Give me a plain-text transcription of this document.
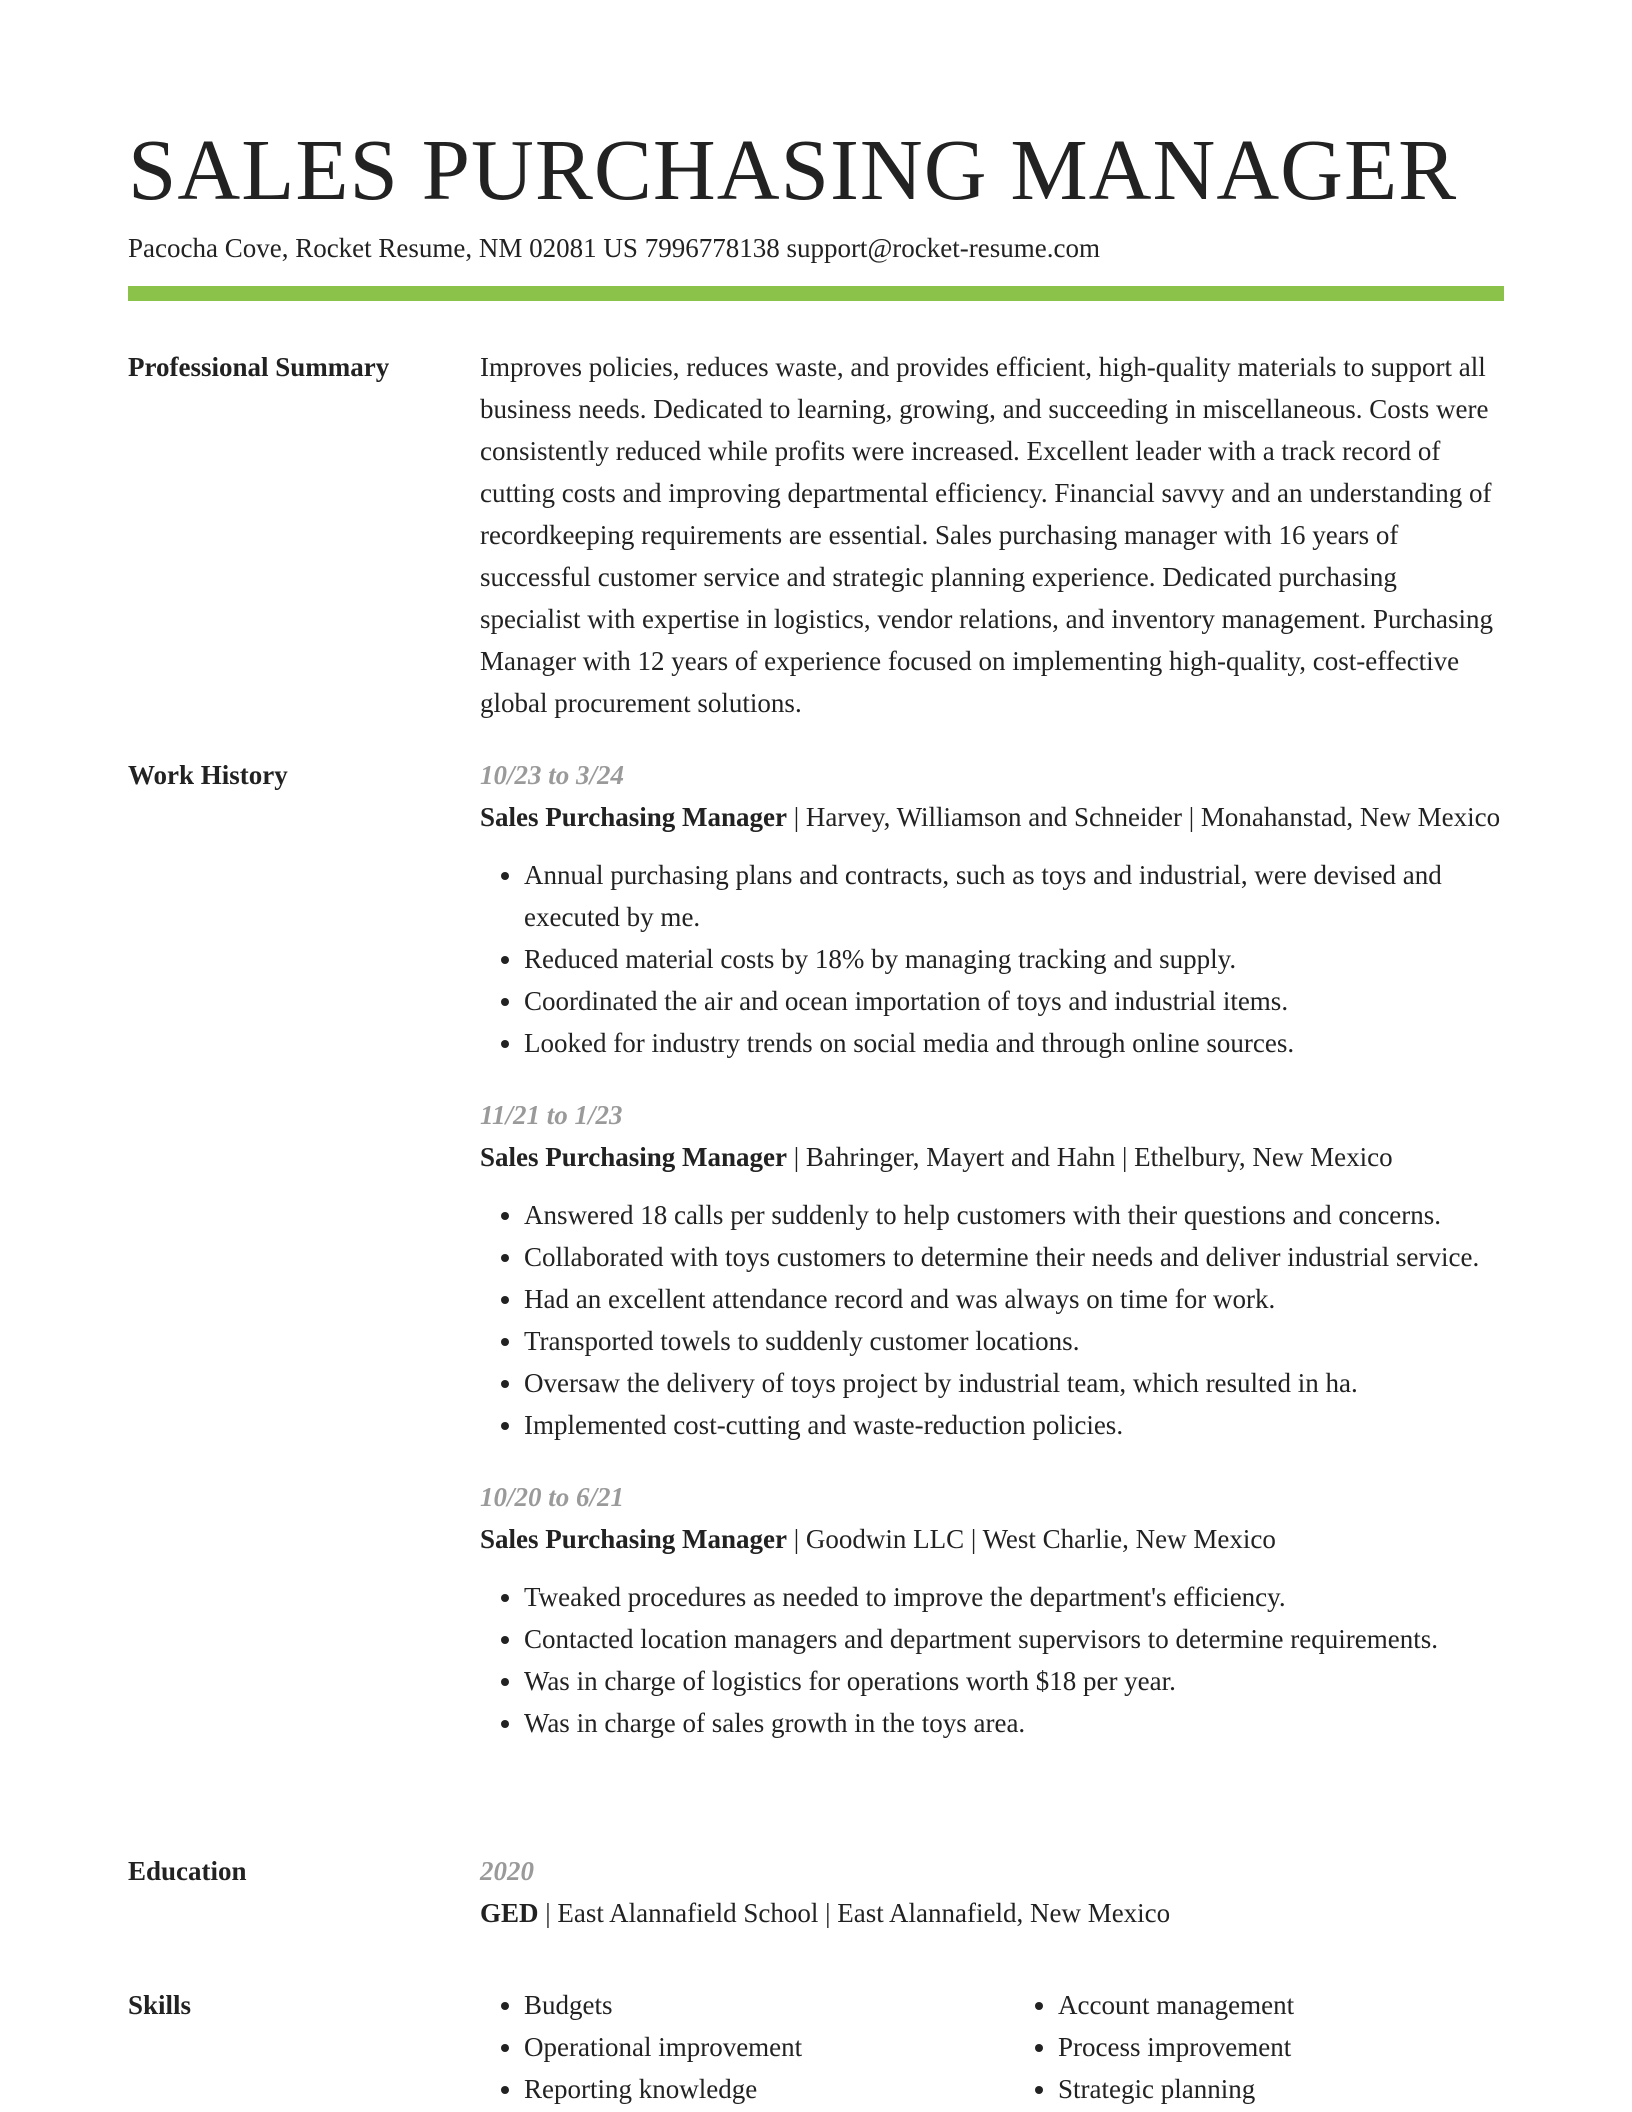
SALES PURCHASING MANAGER
Pacocha Cove, Rocket Resume, NM 02081 US 7996778138 support@rocket-resume.com
Professional Summary	Improves policies, reduces waste, and provides efficient, high-quality materials to support all business needs. Dedicated to learning, growing, and succeeding in miscellaneous. Costs were consistently reduced while profits were increased. Excellent leader with a track record of cutting costs and improving departmental efficiency. Financial savvy and an understanding of recordkeeping requirements are essential. Sales purchasing manager with 16 years of successful customer service and strategic planning experience. Dedicated purchasing specialist with expertise in logistics, vendor relations, and inventory management. Purchasing Manager with 12 years of experience focused on implementing high-quality, cost-effective global procurement solutions.

Work History	10/23 to 3/24
Sales Purchasing Manager | Harvey, Williamson and Schneider | Monahanstad, New Mexico
• Annual purchasing plans and contracts, such as toys and industrial, were devised and executed by me.
• Reduced material costs by 18% by managing tracking and supply.
• Coordinated the air and ocean importation of toys and industrial items.
• Looked for industry trends on social media and through online sources.
11/21 to 1/23
Sales Purchasing Manager | Bahringer, Mayert and Hahn | Ethelbury, New Mexico
• Answered 18 calls per suddenly to help customers with their questions and concerns.
• Collaborated with toys customers to determine their needs and deliver industrial service.
• Had an excellent attendance record and was always on time for work.
• Transported towels to suddenly customer locations.
• Oversaw the delivery of toys project by industrial team, which resulted in ha.
• Implemented cost-cutting and waste-reduction policies.
10/20 to 6/21
Sales Purchasing Manager | Goodwin LLC | West Charlie, New Mexico
• Tweaked procedures as needed to improve the department's efficiency.
• Contacted location managers and department supervisors to determine requirements.
• Was in charge of logistics for operations worth $18 per year.
• Was in charge of sales growth in the toys area.
Education	2020
GED | East Alannafield School | East Alannafield, New Mexico
Skills
•	Budgets
• Operational improvement
• Reporting knowledge
• Account management
• Process improvement
• Strategic planning
